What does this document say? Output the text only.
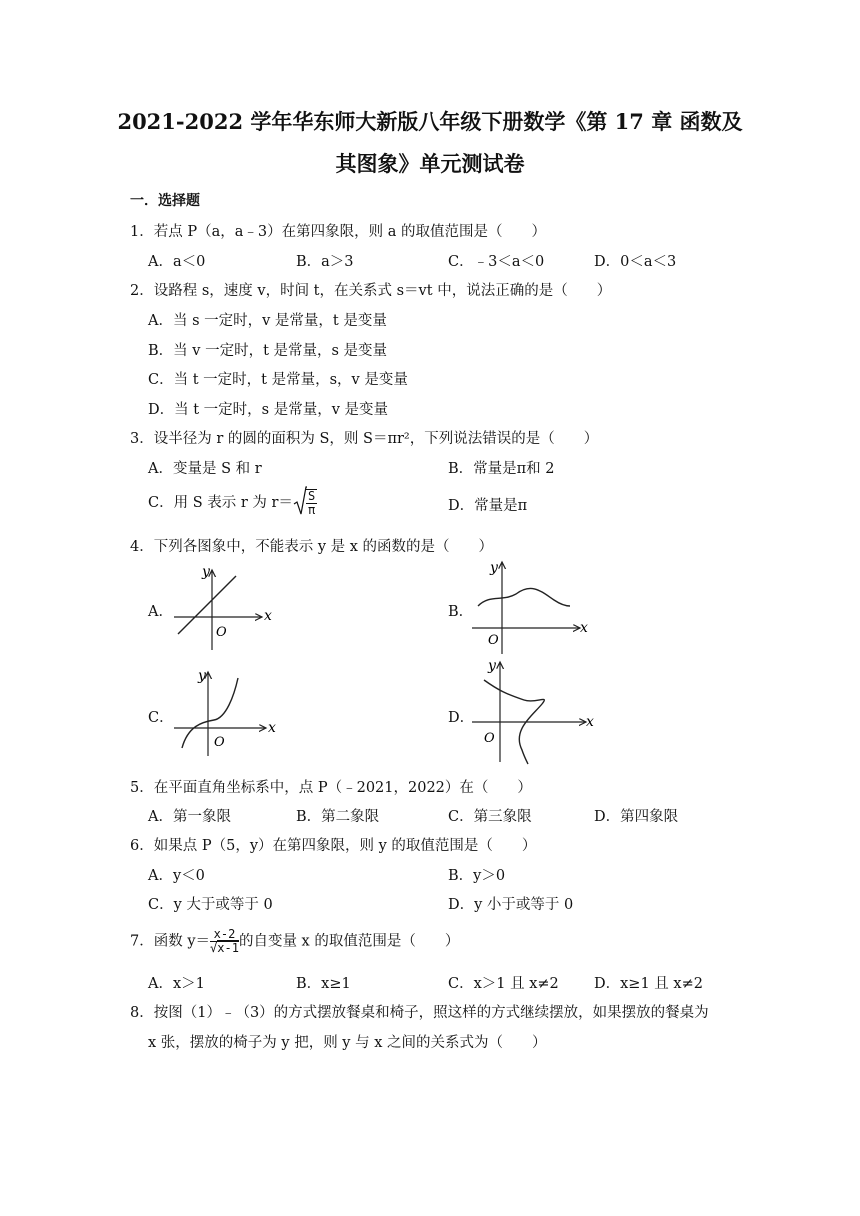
2021-2022 学年华东师大新版八年级下册数学《第 17 章 函数及
其图象》单元测试卷
一．选择题
1．若点 P（a，a﹣3）在第四象限，则 a 的取值范围是（　　）
A．a＜0	B．a＞3	C．﹣3＜a＜0	D．0＜a＜3
2．设路程 s，速度 v，时间 t，在关系式 s＝vt 中，说法正确的是（　　）
A．当 s 一定时，v 是常量，t 是变量
B．当 v 一定时，t 是常量，s 是变量
C．当 t 一定时，t 是常量，s，v 是变量
D．当 t 一定时，s 是常量，v 是变量
3．设半径为 r 的圆的面积为 S，则 S＝πr²，下列说法错误的是（　　）
A．变量是 S 和 r	B．常量是π和 2
C．用 S 表示 r 为 $r= \frac{S}{\pi}$	D．常量是π
4．下列各图象中，不能表示 y 是 x 的函数的是（　　）
A．	B．
C．	D．
y
x
O
y
x
O
y
x
O
y
x
O
5．在平面直角坐标系中，点 P（﹣2021，2022）在（　　）
A．第一象限	B．第二象限	C．第三象限	D．第四象限
6．如果点 P（5，y）在第四象限，则 y 的取值范围是（　　）
A．y＜0	B．y＞0
C．y 大于或等于 0	D．y 小于或等于 0
7．函数 $y= \frac{x-2}{√x-1}$ 的自变量 x 的取值范围是（　　）
A．x＞1	B．x≥1	C．x＞1 且 x≠2 D．x≥1 且 x≠2
8．按图（1）﹣（3）的方式摆放餐桌和椅子，照这样的方式继续摆放，如果摆放的餐桌为
x 张，摆放的椅子为 y 把，则 y 与 x 之间的关系式为（　　）
